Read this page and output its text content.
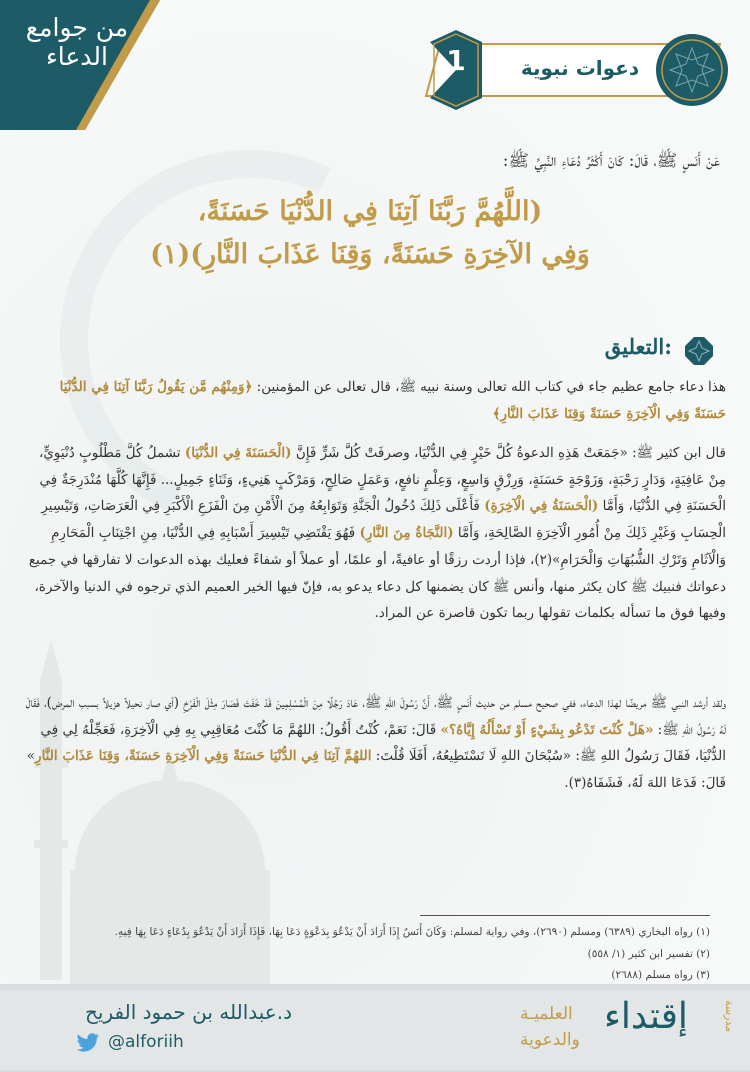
من جوامع
الدعاء	دعوات نبوية
1
عَنْ أَنَسٍ ﷺ، قَالَ: كَانَ أَكْثَرُ دُعَاءِ النَّبِيِّ ﷺ:
(اللَّهُمَّ رَبَّنَا آتِنَا فِي الدُّنْيَا حَسَنَةً،
وَفِي الآخِرَةِ حَسَنَةً، وَقِنَا عَذَابَ النَّارِ)(١)
التعليق:
هذا دعاء جامع عظيم جاء في كتاب الله تعالى وسنة نبيه ﷺ، قال تعالى عن المؤمنين: ﴿وَمِنْهُم مَّن يَقُولُ رَبَّنَا آتِنَا فِي الدُّنْيَا حَسَنَةً وَفِي الْآخِرَةِ حَسَنَةً وَقِنَا عَذَابَ النَّارِ﴾
قال ابن كثير ﷺ: «جَمَعَتْ هَذِهِ الدعوةُ كُلَّ خَيْرٍ فِي الدُّنْيَا، وصرفَتْ كُلَّ شَرٍّ فَإِنَّ (الْحَسَنَةَ فِي الدُّنْيَا) تشملُ كُلَّ مَطْلُوبٍ دُنْيَوِيٍّ، مِنْ عَافِيَةٍ، وَدَارٍ رَحْبَةٍ، وَزَوْجَةٍ حَسَنَةٍ، وَرِزْقٍ وَاسِعٍ، وَعِلْمٍ نافعٍ، وَعَمَلٍ صَالِحٍ، وَمَرْكَبٍ هَنِيءٍ، وَثَنَاءٍ جَمِيلٍ... فَإِنَّهَا كُلَّهَا مُنْدَرِجَةٌ فِي الْحَسَنَةِ فِي الدُّنْيَا، وَأَمَّا (الْحَسَنَةُ فِي الْآخِرَةِ) فَأَعْلَى ذَلِكَ دُخُولُ الْجَنَّةِ وَتَوَابِعُهُ مِنَ الْأَمْنِ مِنَ الْفَزَعِ الْأَكْبَرِ فِي الْعَرَصَاتِ، وَتَيْسِيرِ الْحِسَابِ وَغَيْرِ ذَلِكَ مِنْ أُمُورِ الْآخِرَةِ الصَّالِحَةِ، وَأَمَّا (النَّجَاةُ مِنَ النَّارِ) فَهُوَ يَقْتَضِي تَيْسِيرَ أَسْبَابِهِ فِي الدُّنْيَا، مِنِ اجْتِنَابِ الْمَحَارِمِ وَالْآثَامِ وَتَرْكِ الشُّبُهَاتِ وَالْحَرَامِ»(٢)، فإذا أردت رزقًا أو عافيةً، أو علمًا، أو عملاً أو شفاءً فعليك بهذه الدعوات لا تفارقها في جميع دعواتك فنبيك ﷺ كان يكثر منها، وأنس ﷺ كان يضمنها كل دعاء يدعو به، فإنّ فيها الخير العميم الذي ترجوه في الدنيا والآخرة، وفيها فوق ما تسأله بكلمات تقولها ربما تكون قاصرة عن المراد.
ولقد أرشد النبي ﷺ مريضًا لهذا الدعاء، ففي صحيح مسلم من حديث أَنَسٍ ﷺ، أَنَّ رَسُولَ اللهِ ﷺ، عَادَ رَجُلًا مِنَ الْمُسْلِمِينَ قَدْ خَفَتَ فَصَارَ مِثْلَ الْفَرْخِ (أي صار نحيلاً هزيلاً بسبب المرض)، فَقَالَ لَهُ رَسُولُ اللهِ ﷺ: «هَلْ كُنْتَ تَدْعُو بِشَيْءٍ أَوْ تَسْأَلُهُ إِيَّاهُ؟» قَالَ: نَعَمْ، كُنْتُ أَقُولُ: اللهُمَّ مَا كُنْتَ مُعَاقِبِي بِهِ فِي الْآخِرَةِ، فَعَجِّلْهُ لِي فِي الدُّنْيَا، فَقَالَ رَسُولُ اللهِ ﷺ: «سُبْحَانَ اللهِ لَا تَسْتَطِيعُهُ، أَفَلَا قُلْتَ: اللهُمَّ آتِنَا فِي الدُّنْيَا حَسَنَةً وَفِي الْآخِرَةِ حَسَنَةً، وَقِنَا عَذَابَ النَّارِ» قَالَ: فَدَعَا اللهَ لَهُ، فَشَفَاهُ(٣).
(١) رواه البخاري (٦٣٨٩) ومسلم (٢٦٩٠)، وفي رواية لمسلم: وَكَانَ أَنَسٌ إِذَا أَرَادَ أَنْ يَدْعُوَ بِدَعْوَةٍ دَعَا بِهَا، فَإِذَا أَرَادَ أَنْ يَدْعُوَ بِدُعَاءٍ دَعَا بِهَا فِيهِ.
(٢) تفسير ابن كثير (١/ ٥٥٨)
(٣) رواه مسلم (٢٦٨٨)
د.عبدالله بن حمود الفريح
@alforiih
إقتداء
العلميـة
والدعوية
مدرسة
